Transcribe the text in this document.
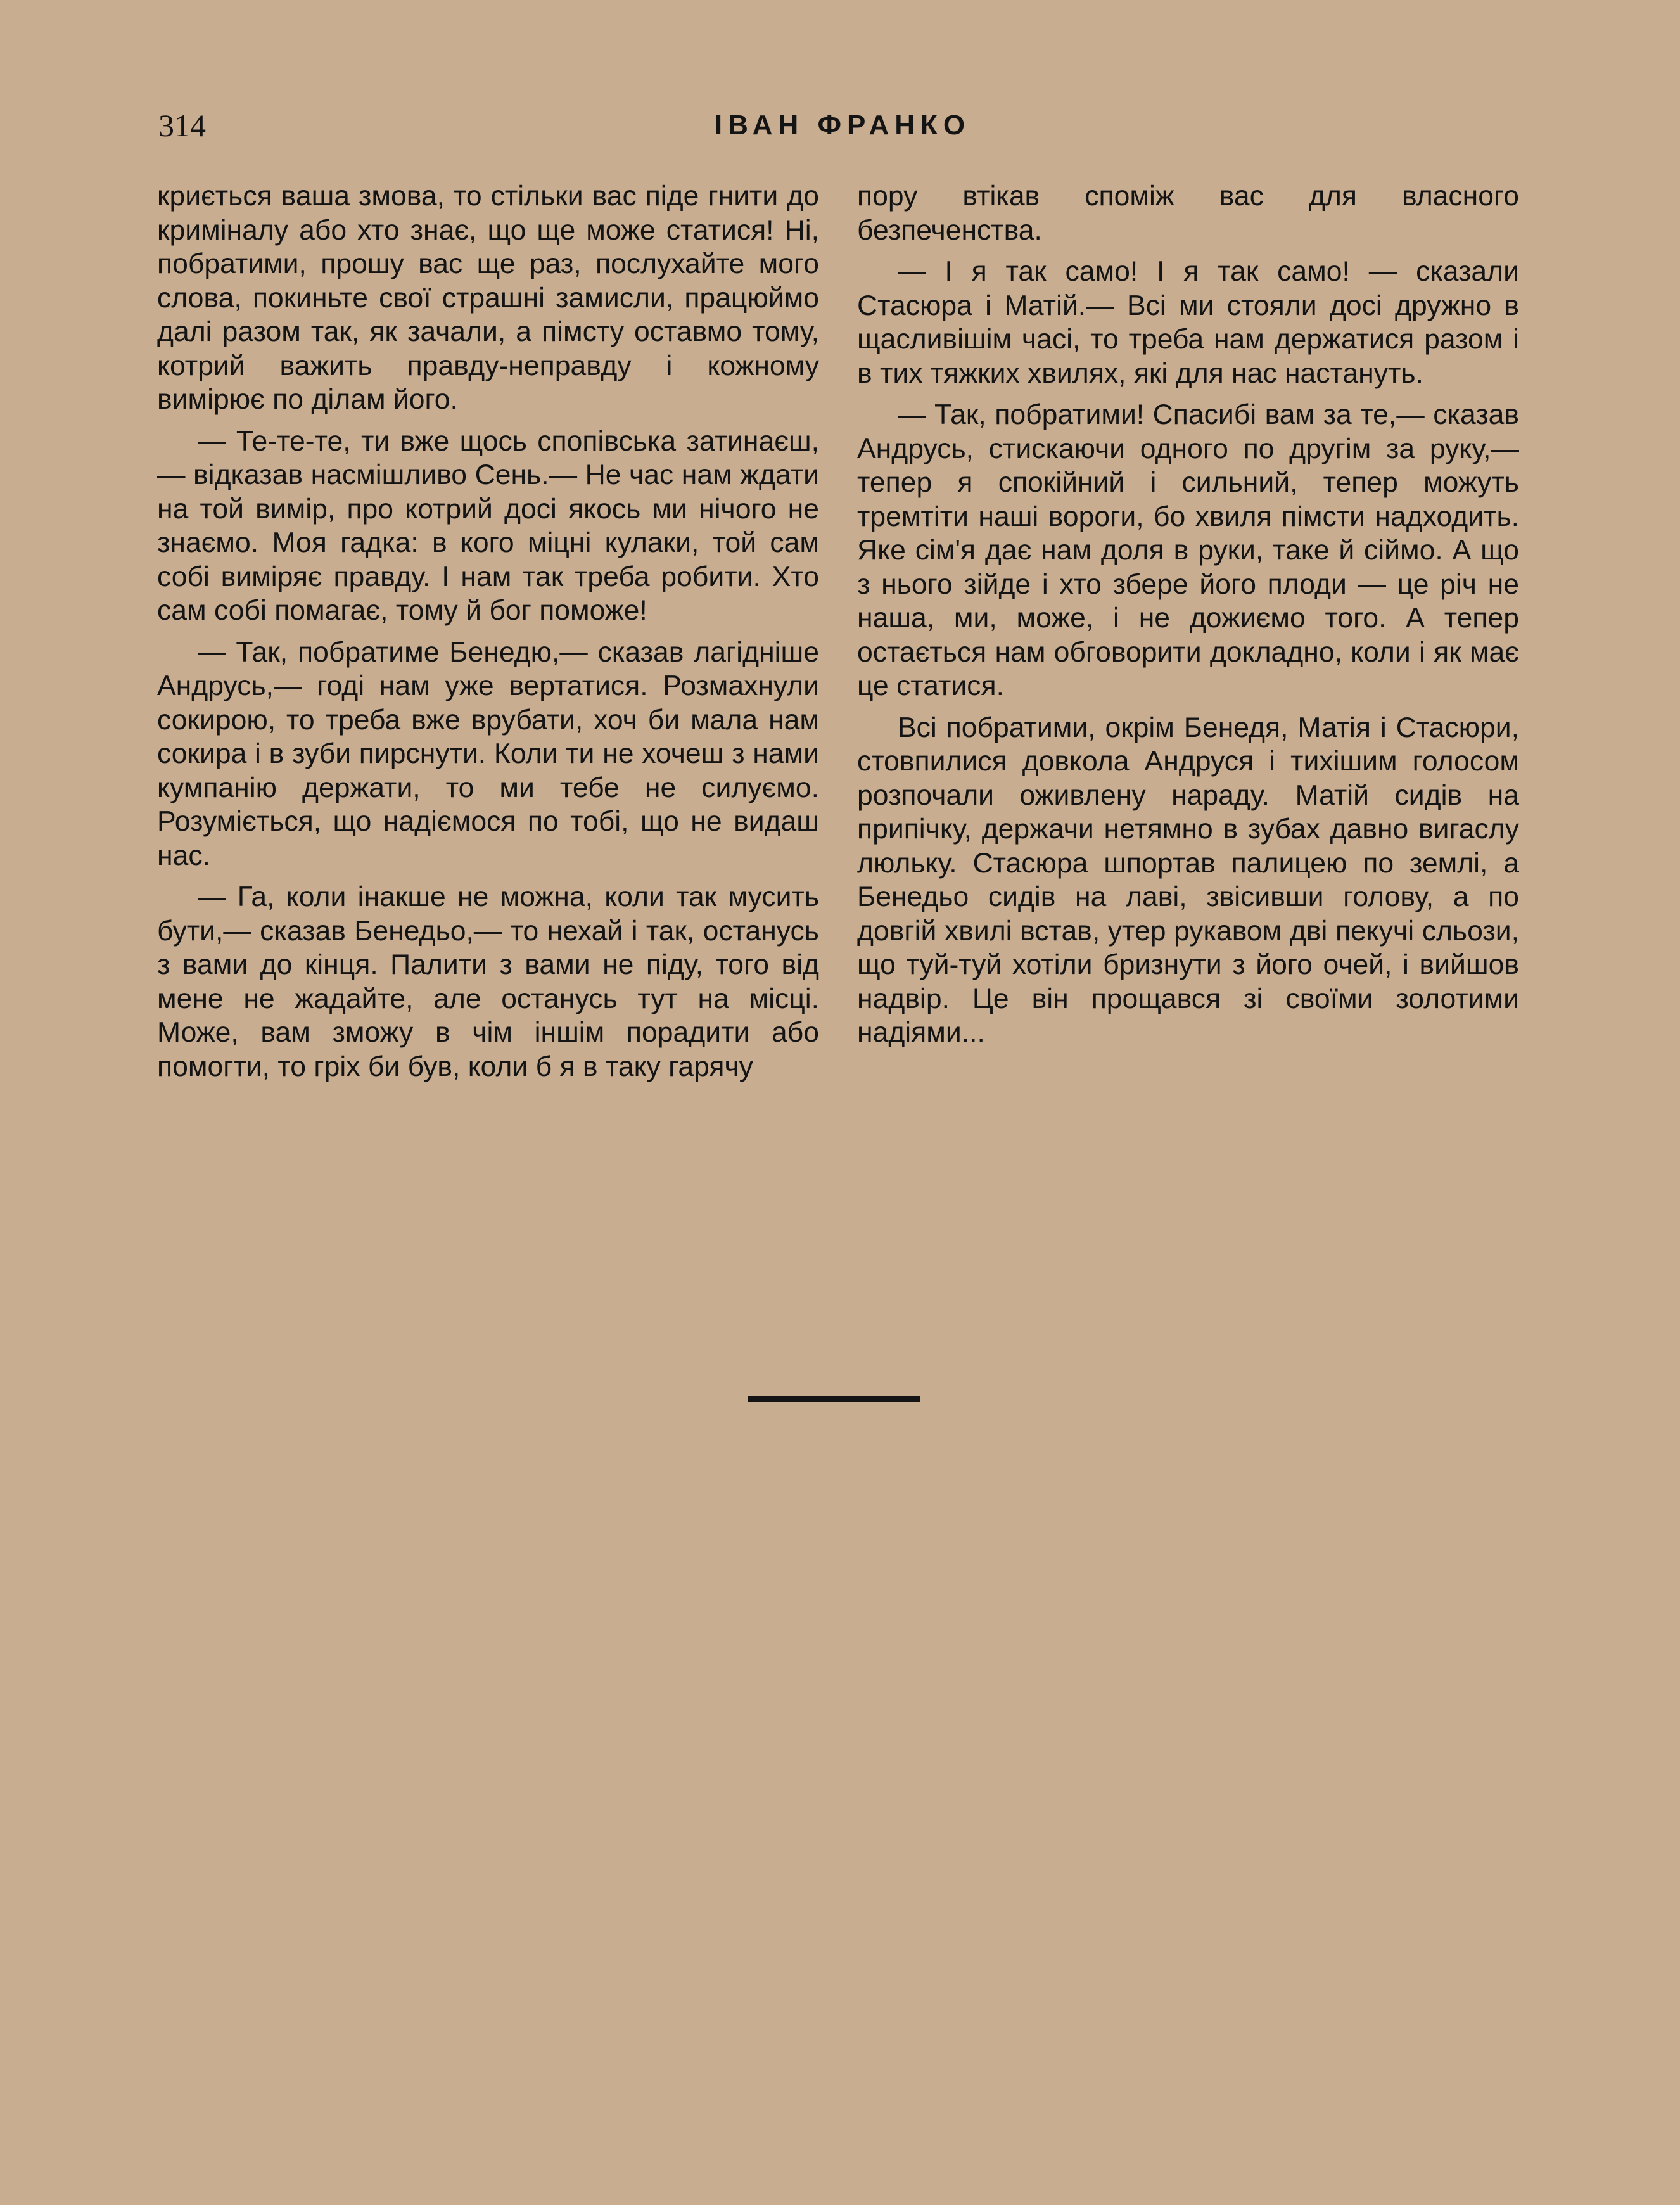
314	ІВАН ФРАНКО

криється ваша змова, то стільки вас піде гнити до криміналу або хто знає, що ще може статися! Ні, побратими, прошу вас ще раз, послухайте мого слова, покиньте свої страшні замисли, працюймо далі разом так, як зачали, а пімсту оставмо тому, котрий важить правду-неправду і кожному вимірює по ділам його.

— Те-те-те, ти вже щось спопівська затинаєш,— відказав насмішливо Сень.— Не час нам ждати на той вимір, про котрий досі якось ми нічого не знаємо. Моя гадка: в кого міцні кулаки, той сам собі виміряє правду. І нам так треба робити. Хто сам собі помагає, тому й бог поможе!

— Так, побратиме Бенедю,— сказав лагідніше Андрусь,— годі нам уже вертатися. Розмахнули сокирою, то треба вже врубати, хоч би мала нам сокира і в зуби пирснути. Коли ти не хочеш з нами кумпанію держати, то ми тебе не силуємо. Розуміється, що надіємося по тобі, що не видаш нас.

— Га, коли інакше не можна, коли так мусить бути,— сказав Бенедьо,— то нехай і так, останусь з вами до кінця. Палити з вами не піду, того від мене не жадайте, але останусь тут на місці. Може, вам зможу в чім іншім порадити або помогти, то гріх би був, коли б я в таку гарячу

пору втікав споміж вас для власного безпеченства.

— І я так само! І я так само! — сказали Стасюра і Матій.— Всі ми стояли досі дружно в щасливішім часі, то треба нам держатися разом і в тих тяжких хвилях, які для нас настануть.

— Так, побратими! Спасибі вам за те,— сказав Андрусь, стискаючи одного по другім за руку,— тепер я спокійний і сильний, тепер можуть тремтіти наші вороги, бо хвиля пімсти надходить. Яке сім'я дає нам доля в руки, таке й сіймо. А що з нього зійде і хто збере його плоди — це річ не наша, ми, може, і не дожиємо того. А тепер остається нам обговорити докладно, коли і як має це статися.

Всі побратими, окрім Бенедя, Матія і Стасюри, стовпилися довкола Андруся і тихішим голосом розпочали оживлену нараду. Матій сидів на припічку, держачи нетямно в зубах давно вигаслу люльку. Стасюра шпортав палицею по землі, а Бенедьо сидів на лаві, звісивши голову, а по довгій хвилі встав, утер рукавом дві пекучі сльози, що туй-туй хотіли бризнути з його очей, і вийшов надвір. Це він прощався зі своїми золотими надіями...
